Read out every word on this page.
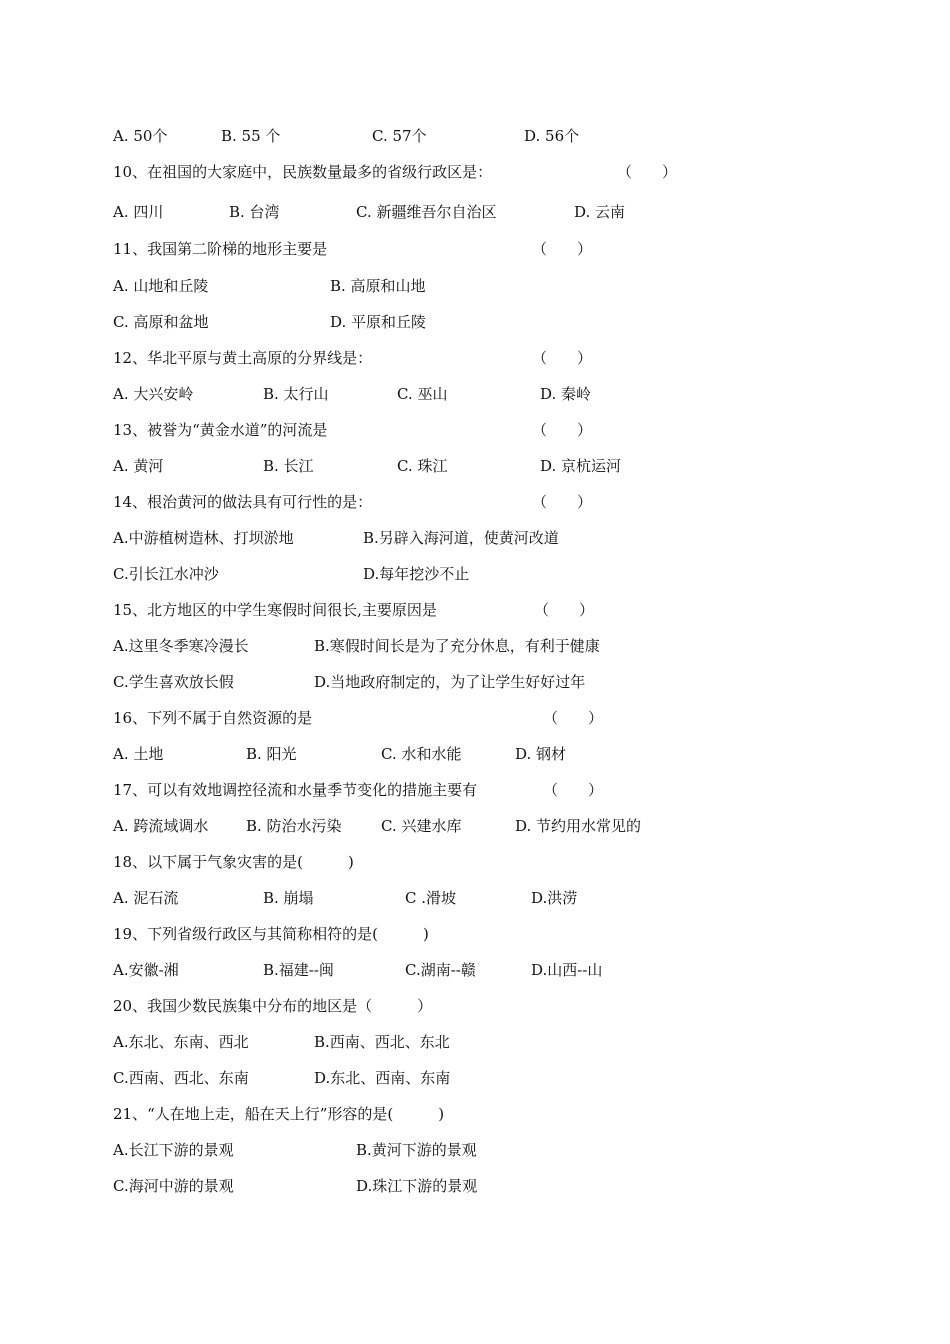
A. 50个	B. 55 个	C. 57个	D. 56个
10、在祖国的大家庭中，民族数量最多的省级行政区是：	（　　）
A. 四川	B. 台湾	C. 新疆维吾尔自治区	D. 云南
11、我国第二阶梯的地形主要是	（　　）
A. 山地和丘陵	B. 高原和山地
C. 高原和盆地	D. 平原和丘陵
12、华北平原与黄土高原的分界线是：	（　　）
A. 大兴安岭	B. 太行山	C. 巫山	D. 秦岭
13、被誉为“黄金水道”的河流是	（　　）
A. 黄河	B. 长江	C. 珠江	D. 京杭运河
14、根治黄河的做法具有可行性的是：	（　　）
A.中游植树造林、打坝淤地	B.另辟入海河道，使黄河改道
C.引长江水冲沙	D.每年挖沙不止
15、北方地区的中学生寒假时间很长,主要原因是	（　　）
A.这里冬季寒冷漫长	B.寒假时间长是为了充分休息，有利于健康
C.学生喜欢放长假	D.当地政府制定的，为了让学生好好过年
16、下列不属于自然资源的是	（　　）
A. 土地	B. 阳光	C. 水和水能	D. 钢材
17、可以有效地调控径流和水量季节变化的措施主要有	（　　）
A. 跨流域调水	B. 防治水污染	C. 兴建水库	D. 节约用水常见的
18、以下属于气象灾害的是(　　　)
A. 泥石流	B. 崩塌	C .滑坡	D.洪涝
19、下列省级行政区与其简称相符的是(　　　)
A.安徽-湘	B.福建--闽	C.湖南--赣	D.山西--山
20、我国少数民族集中分布的地区是（　　　）
A.东北、东南、西北	B.西南、西北、东北
C.西南、西北、东南	D.东北、西南、东南
21、“人在地上走，船在天上行”形容的是(　　　)
A.长江下游的景观	B.黄河下游的景观
C.海河中游的景观	D.珠江下游的景观
